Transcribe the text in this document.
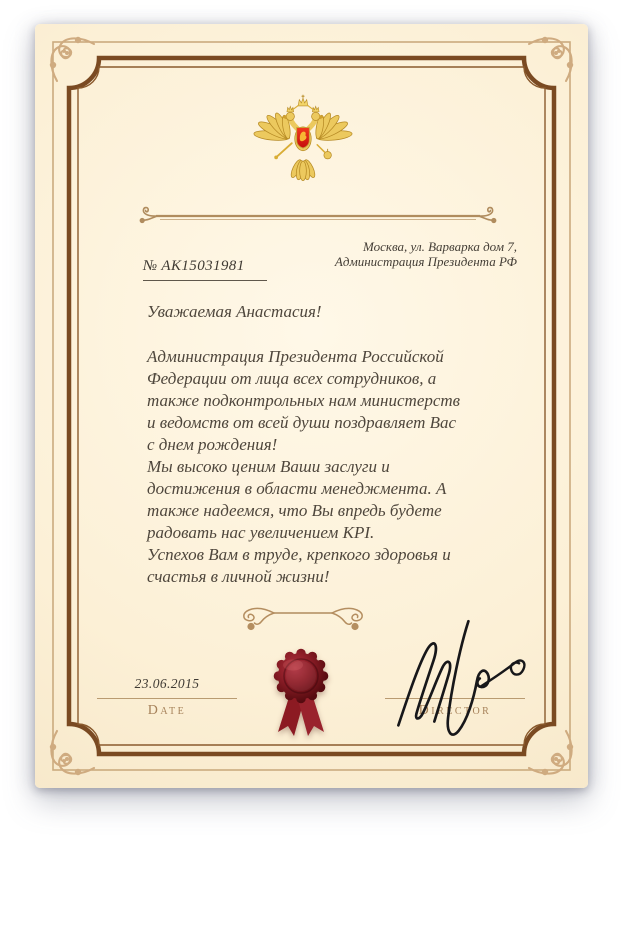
№ AK15031981
Москва, ул. Варварка дом 7,
Администрация Президента РФ
Уважаемая Анастасия!
Администрация Президента Российской
Федерации от лица всех сотрудников, а
также подконтрольных нам министерств
и ведомств от всей души поздравляет Вас
с днем рождения!
Мы высоко ценим Ваши заслуги и
достижения в области менеджмента. А
также надеемся, что Вы впредь будете
радовать нас увеличением KPI.
Успехов Вам в труде, крепкого здоровья и
счастья в личной жизни!
23.06.2015
Date	Director
